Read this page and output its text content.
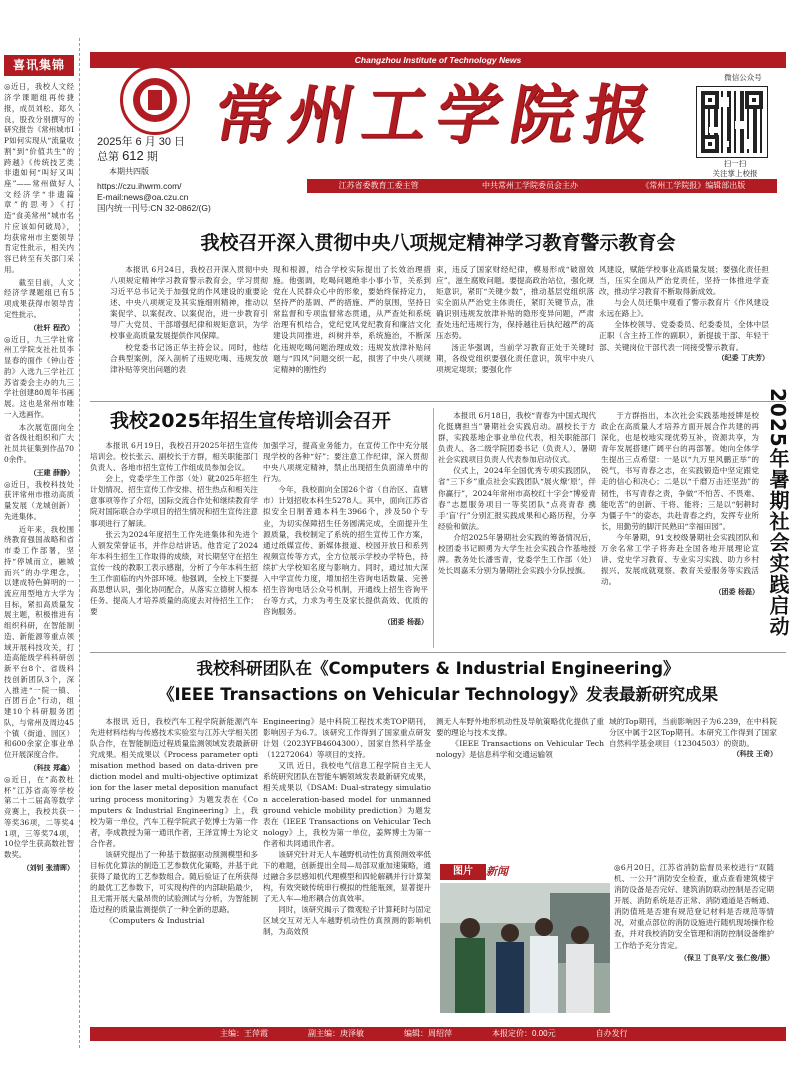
喜讯集锦

◎近日，我校人文经济学课题组再传捷报，成员刘松、郑久良，股孜分别撰写的研究报告《常州城市IP如何实现从“流量收割”到“价值共生”的跨越》《传统技艺类非遗如何“叫好又叫座”——常州做好人文经济学“非遗篇章”的思考》《打造“食美常州”城市名片应该如何破局》，均获常州市主要领导肯定性批示，相关内容已转至有关部门采用。

截至目前，人文经济学课题组已有5项成果获得市领导肯定性批示。

（杜轩 程孜）

◎近日，九三学社常州工学院支社社员李显春的面作《钟山苍韵》入选九三学社江苏省委会主办的九三学社创建80周年书画展。这也是常州市唯一入选画作。

本次展览面向全省各级社组织和广大社员共征集到作品700余件。

（王建 薛静）

◎近日，我校科技处获评常州市推动高质量发展（龙城创新）先进集体。

近年来，我校围绕教育强国战略和省市委工作部署，坚持“停城而立，融城而兴”的办学理念，以建成特色鲜明的一流应用型地方大学为目标，紧扣高质量发展主题，积极推进有组织科研，在智能制造、新能源等重点领域开展科技攻关，打造高能级学科科研创新平台8个、省级科技创新团队3个，深入推进“一院一镇、百团百企”行动，组建10个科研服务团队，与常州及周边45个镇（街道、园区）和600余家企事业单位开展深度合作。

（科技 郑鑫）

◎近日，在“高教杜杯”江苏省高等学校第二十二届高等数学竞赛上，我校共获一等奖36项，二等奖41项，三等奖74项，10位学生获高数社智数奖。

（刘钊 张清晖）
Changzhou Institute of Technology News
常州工学院报
2025年 6 月 30 日
总第 612 期
本期共四版
https://czu.ihwrm.com/
E-mail:news@oa.czu.cn
国内统一刊号:CN 32-0862/(G)
微信公众号
扫一扫
关注掌上校报
江苏省委教育工委主管	中共常州工学院委员会主办	《常州工学院报》编辑部出版
我校召开深入贯彻中央八项规定精神学习教育警示教育会

本报讯 6月24日，我校召开深入贯彻中央八项规定精神学习教育警示教育会，学习贯彻习近平总书记关于加强党的作风建设的重要论述、中央八项规定及其实施细则精神，推动以案促学、以案促改、以案促治，进一步教育引导广大党员、干部增强纪律和规矩意识，为学校事业高质量发展提供作风保障。

校党委书记汤正华主持会议。同时，他结合典型案例，深入剖析了违规吃喝、违规发放津补贴等突出问题的表

现和根源，结合学校实际提出了长效治理措施。他强调，吃喝问题绝非小事小节，关系到党在人民群众心中的形象，要始终保持定力，坚持严的基调、严的措施、严的氛围，坚持日常监督和专项监督常态贯通，从严查处和系统治理有机结合，党纪党风党纪教育和廉洁文化建设共同推进，纠树并举，系统施治，不断深化违规吃喝问题治理成效；违规发放津补贴问题与“四风”问题交织一起，损害了中央八项规定精神的刚性约

束，违反了国家财经纪律，模易形成“破窗效应”，滋生腐败问题。要提高政治站位，强化规矩意识，紧盯“关键少数”，推动基层党组织落实全面从严治党主体责任，紧盯关键节点，准确识别违规发放津补贴的隐形变异问题，严肃查处违纪违规行为，保持越往后执纪越严的高压态势。

汤正华强调，当前学习教育正处于关键时期，各级党组织要强化责任意识，筑牢中央八项规定堤坝；要强化作

风建设，赋能学校事业高质量发展；要强化责任担当，压实全面从严治党责任，坚持一体推进学查改，推动学习教育不断取得新成效。

与会人员还集中观看了警示教育片《作风建设永远在路上》。

全体校领导、党委委员、纪委委员，全体中层正职（含主持工作的副职），新提拔干部、年轻干部、关键岗位干部代表一同接受警示教育。

（纪委 丁庆芳）
我校2025年招生宣传培训会召开

本报讯 6月19日，我校召开2025年招生宣传培训会。校长张云、副校长于方群，相关职能部门负责人、各地市招生宣传工作组成员参加会议。

会上，党委学生工作部（处）就2025年招生计划情况、招生宣传工作安排、招生热点和相关注意事项等作了介绍，国际交流合作处和继续教育学院对国际联合办学项目的招生情况和招生宣传注意事项进行了解读。

张云为2024年度招生工作先进集体和先进个人颁发荣誉证书，并作总结讲话。他肯定了2024年本科生招生工作取得的成绩，对长期坚守在招生宣传一线的教职工表示感谢，分析了今年本科生招生工作面临的内外部环境。他强调，全校上下要提高思想认识，强化协同配合，从落实立德树人根本任务、提高人才培养质量的高度去对待招生工作；要

加强学习，提高业务能力，在宣传工作中充分展现学校的各种“好”；要注意工作纪律，深入贯彻中央八项规定精神，禁止出现招生负面清单中的行为。

今年，我校面向全国26个省（自治区、直辖市）计划招收本科生5278人。其中，面向江苏省拟安全日制普通本科生3966个，涉及50个专业，为切实保障招生任务圆满完成，全面提升生源质量，我校制定了系统的招生宣传工作方案，通过纸媒宣传、新媒体报道、校园开放日和系列视频宣传等方式，全方位展示学校办学特色，持续扩大学校知名度与影响力。同时，通过加大深入中学宣传力度，增加招生咨询电话数量、完善招生咨询电话公众号机制，开通线上招生咨询平台等方式，力求为考生及家长提供高效、优质的咨询服务。

（团委 杨磊）

本报讯 6月18日，我校“青春为中国式现代化挺膺担当”暑期社会实践启动。副校长于方群，实践基地企事业单位代表，相关职能部门负责人、各二级学院团委书记（负责人）、暑期社会实践项目负责人代表参加启动仪式。

仪式上，2024年全国优秀专项实践团队，省“三下乡”重点社会实践团队“展火燎‘原’，伴你赢行”，2024年常州市高校红十字会“博爱青春”志愿服务项目一等奖团队“点亮青春 携手‘盲’行”分别汇报实践成果和心路历程，分享经验和做法。

介绍2025年暑期社会实践的筹备情况后，校团委书记顾勇为大学生社会实践合作基地授牌。教务处长潘雪青，党委学生工作部（处）处长周嘉禾分别为暑期社会实践小分队授旗。

于方群指出，本次社会实践基地授牌是校政企在高质量人才培养方面开展合作共建的再深化，也是校地实现优势互补，资源共享，为青年发展搭建广阔平台的再部署。她向全体学生提出三点希望：一是以“九万里风鹏正举”的锐气，书写青春之志，在实践锻造中坚定跟党走的信心和决心；二是以“千磨万击还坚劲”的韧性，书写青春之责，争做“不怕苦、不畏难、能吃苦”的创新、干将、能将；三是以“躬耕时为僵子牛”的姿态，共赴青春之约，发挥专业所长，用勤劳的脚汗民熟田“幸福田园”。

今年暑期，91支校级暑期社会实践团队和万余名常工学子将奔赴全国各地开展理论宣讲、党史学习教育、专业实习实践、助力乡村振兴、发展成就观察、教育关爱服务等实践活动。

（团委 杨磊） 2025年暑期社会实践启动
我校科研团队在《Computers & Industrial Engineering》
《IEEE Transactions on Vehicular Technology》发表最新研究成果

本报讯 近日，我校汽车工程学院新能源汽车先进材料结构与传感技术实验室与江苏大学相关团队合作，在智能制造过程质量监测领域发表最新研究成果。相关成果以《Process parameter optimisation method based on data-driven prediction model and multi-objective optimization for the laser metal deposition manufacturing process monitoring》为题发表在《Computers & Industrial Engineering》上，我校为第一单位，汽车工程学院武子乾博士为第一作者，李成教授为第一通讯作者，王泽宣博士为论文合作者。

该研究提出了一种基于数据驱动预测模型和多目标优化算法的制造工艺参数优化策略，并基于此获得了最优的工艺参数组合。随后验证了在所获得的最优工艺参数下，可实现构件的内部缺陷最少，且无需开展大量昂贵的试验测试与分析，为智能制造过程的质量监测提供了一种全新的思路。

《Computers & Industrial

Engineering》是中科院工程技术类TOP期刊，影响因子为6.7。该研究工作得到了国家重点研发计划（2023YFB4604300）、国家自然科学基金（12272064）等项目的支持。

又讯 近日，我校电气信息工程学院自主无人系统研究团队在智能车辆领域发表最新研究成果，相关成果以《DSAM: Dual-strategy simulation acceleration-based model for unmanned ground vehicle mobility prediction》为题发表在《IEEE Transactions on Vehicular Technology》上，我校为第一单位，姜辉博士为第一作者和共同通讯作者。

该研究针对无人车越野机动性仿真预测效率低下的难题，创新提出全局—局部双重加速策略，通过融合多层感知机代理模型和四轮解耦并行计算架构，有效突破传统串行模拟的性能瓶颈，显著提升了无人车—地形耦合仿真效率。

同时，该研究揭示了微观粒子计算耗时与固定区域交互对无人车越野机动性仿真预测的影响机制，为高效预

测无人车野外地形机动性及导航策略优化提供了重要的理论与技术支撑。

《IEEE Transactions on Vehicular Technology》是信息科学和交通运输领

域的Top期刊，当前影响因子为6.239，在中科院分区中属于2区Top期刊。本研究工作得到了国家自然科学基金项目（12304503）的资助。

（科技 王奇）
图片	新闻	◎6月20日，江苏省消防监督员来校进行“双随机、一公开”消防安全检查，重点查看建筑楼宇消防设备是否完好、建筑消防联动控制是否定期开展、消防系统是否正常、消防通道是否畅通、消防值班是否建有规范登记材料是否规范等情况，对重点部位的消防设施进行随机现场操作检查，并对我校消防安全管理和消防控制设备维护工作给予充分肯定。

（保卫 丁良平/文 张仁俊/摄）
主编：王萍霞	副主编：庚泽敏	编辑：周绍萍	本报定价：0.00元	自办发行
